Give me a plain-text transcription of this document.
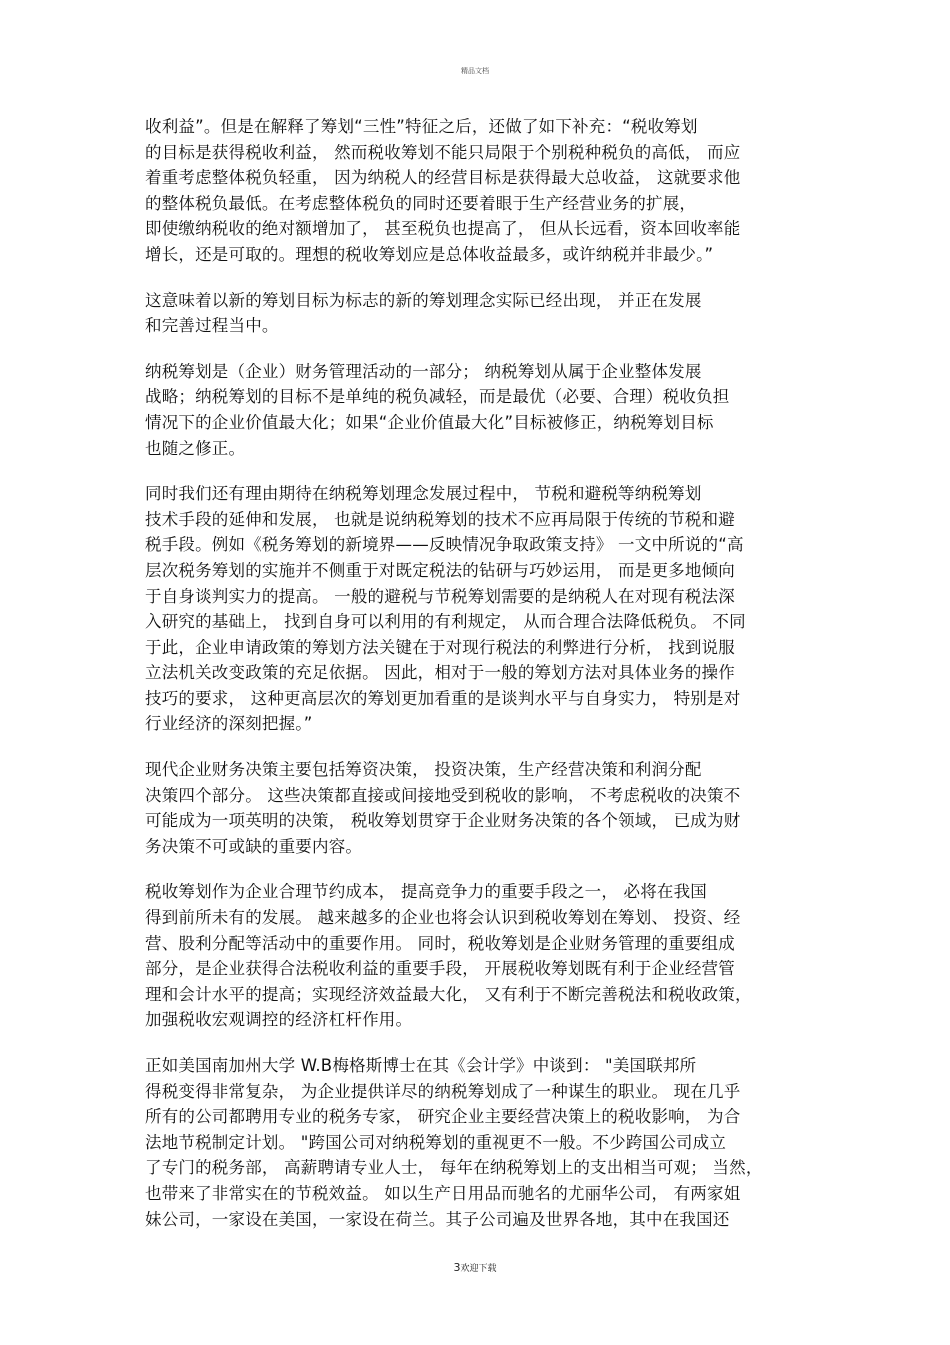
精品文档
收利益”。但是在解释了筹划“三性”特征之后，还做了如下补充：“税收筹划
的目标是获得税收利益， 然而税收筹划不能只局限于个别税种税负的高低， 而应
着重考虑整体税负轻重， 因为纳税人的经营目标是获得最大总收益， 这就要求他
的整体税负最低。在考虑整体税负的同时还要着眼于生产经营业务的扩展，
即使缴纳税收的绝对额增加了， 甚至税负也提高了， 但从长远看，资本回收率能
增长，还是可取的。理想的税收筹划应是总体收益最多，或许纳税并非最少。”
这意味着以新的筹划目标为标志的新的筹划理念实际已经出现， 并正在发展
和完善过程当中。
纳税筹划是（企业）财务管理活动的一部分； 纳税筹划从属于企业整体发展
战略；纳税筹划的目标不是单纯的税负减轻，而是最优（必要、合理）税收负担
情况下的企业价值最大化；如果“企业价值最大化”目标被修正，纳税筹划目标
也随之修正。
同时我们还有理由期待在纳税筹划理念发展过程中， 节税和避税等纳税筹划
技术手段的延伸和发展， 也就是说纳税筹划的技术不应再局限于传统的节税和避
税手段。例如《税务筹划的新境界——反映情况争取政策支持》 一文中所说的“高
层次税务筹划的实施并不侧重于对既定税法的钻研与巧妙运用， 而是更多地倾向
于自身谈判实力的提高。 一般的避税与节税筹划需要的是纳税人在对现有税法深
入研究的基础上， 找到自身可以利用的有利规定， 从而合理合法降低税负。 不同
于此，企业申请政策的筹划方法关键在于对现行税法的利弊进行分析， 找到说服
立法机关改变政策的充足依据。 因此，相对于一般的筹划方法对具体业务的操作
技巧的要求， 这种更高层次的筹划更加看重的是谈判水平与自身实力， 特别是对
行业经济的深刻把握。”
现代企业财务决策主要包括筹资决策， 投资决策，生产经营决策和利润分配
决策四个部分。 这些决策都直接或间接地受到税收的影响， 不考虑税收的决策不
可能成为一项英明的决策， 税收筹划贯穿于企业财务决策的各个领域， 已成为财
务决策不可或缺的重要内容。
税收筹划作为企业合理节约成本， 提高竞争力的重要手段之一， 必将在我国
得到前所未有的发展。 越来越多的企业也将会认识到税收筹划在筹划、 投资、经
营、股利分配等活动中的重要作用。 同时，税收筹划是企业财务管理的重要组成
部分，是企业获得合法税收利益的重要手段， 开展税收筹划既有利于企业经营管
理和会计水平的提高；实现经济效益最大化， 又有利于不断完善税法和税收政策，
加强税收宏观调控的经济杠杆作用。
正如美国南加州大学 W.B梅格斯博士在其《会计学》中谈到： "美国联邦所
得税变得非常复杂， 为企业提供详尽的纳税筹划成了一种谋生的职业。 现在几乎
所有的公司都聘用专业的税务专家， 研究企业主要经营决策上的税收影响， 为合
法地节税制定计划。 "跨国公司对纳税筹划的重视更不一般。不少跨国公司成立
了专门的税务部， 高薪聘请专业人士， 每年在纳税筹划上的支出相当可观； 当然，
也带来了非常实在的节税效益。 如以生产日用品而驰名的尤丽华公司， 有两家姐
妹公司，一家设在美国，一家设在荷兰。其子公司遍及世界各地，其中在我国还
3欢迎下载
